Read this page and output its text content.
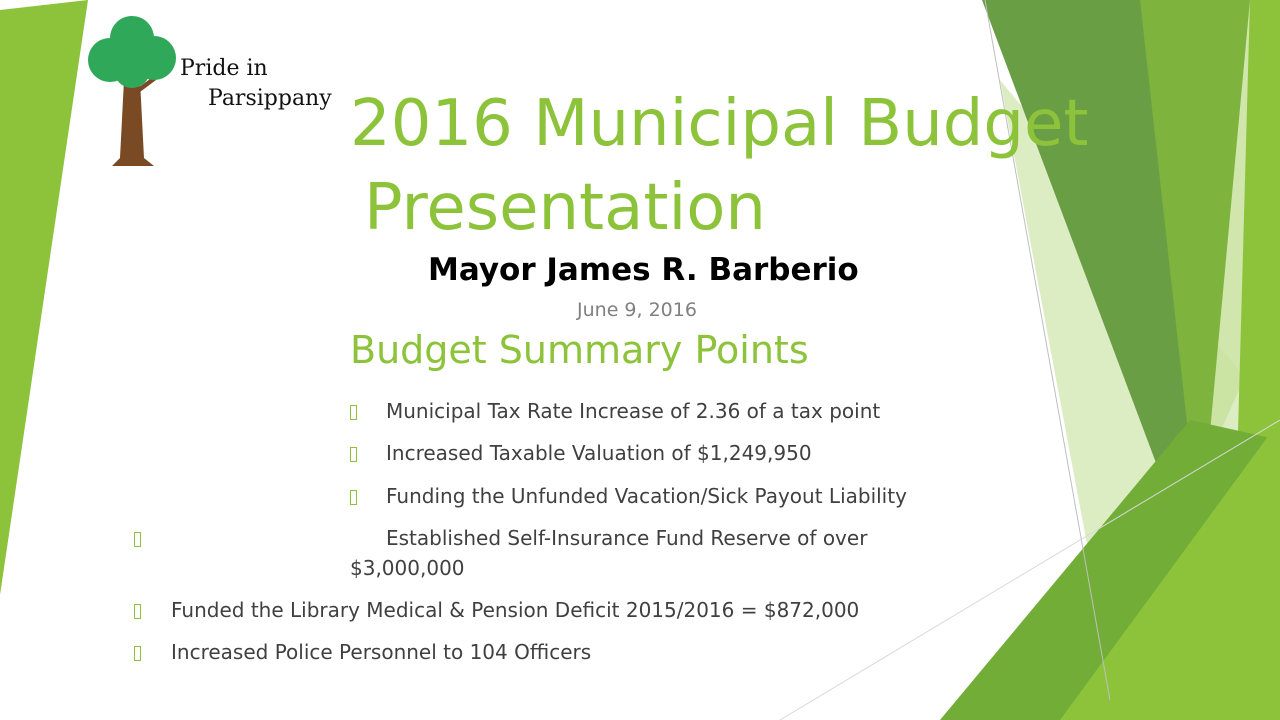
Pride in
Parsippany 2016 Municipal Budget
Presentation
Mayor James R. Barberio
June 9, 2016
Budget Summary Points
Municipal Tax Rate Increase of 2.36 of a tax point
Increased Taxable Valuation of $1,249,950
Funding the Unfunded Vacation/Sick Payout Liability
Established Self-Insurance Fund Reserve of over
$3,000,000
Funded the Library Medical & Pension Deficit 2015/2016 = $872,000
Increased Police Personnel to 104 Officers
